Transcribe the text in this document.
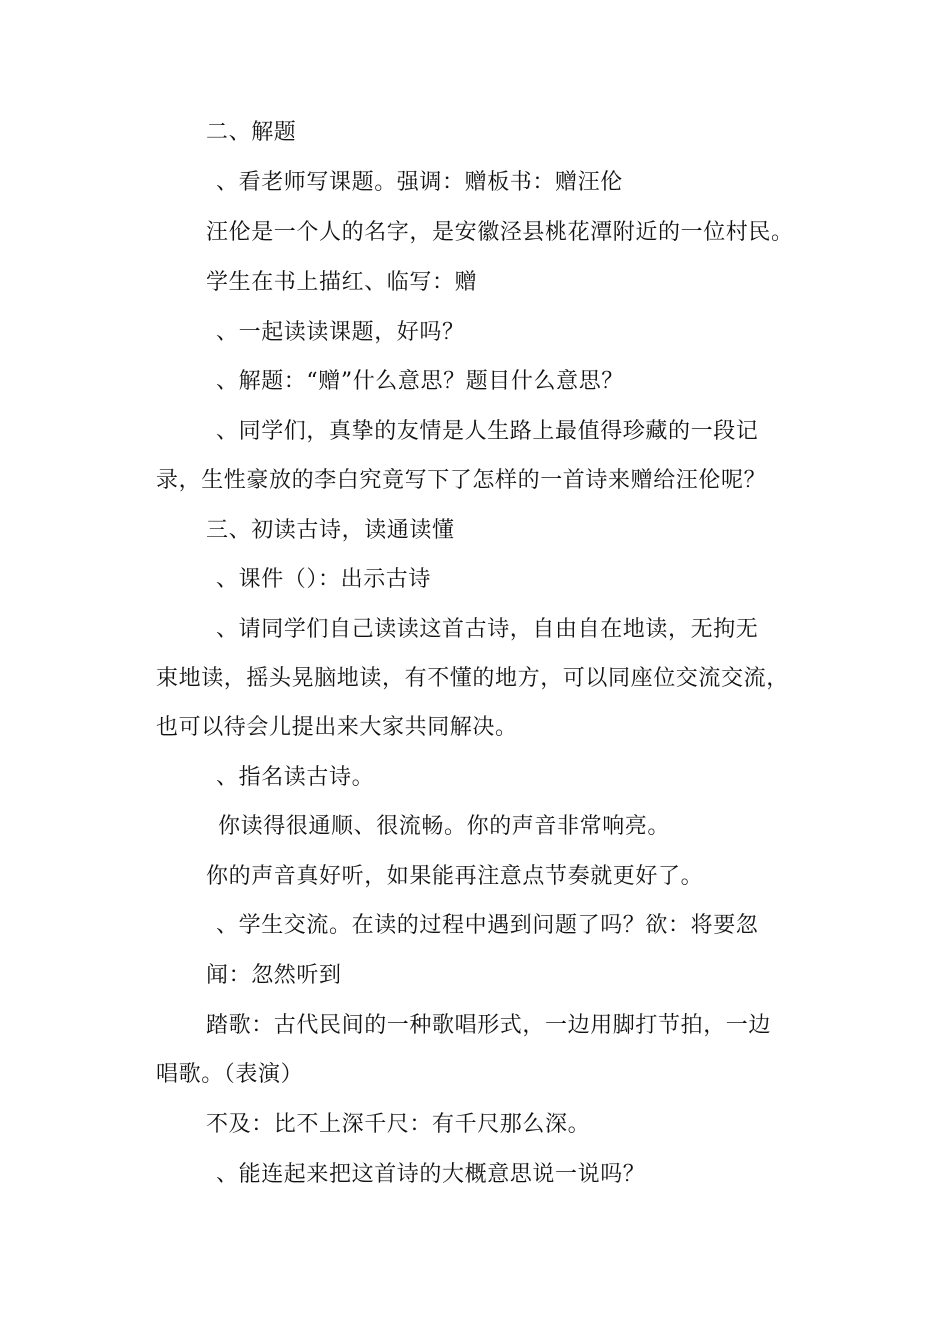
二、解题
、看老师写课题。强调：赠板书：赠汪伦
汪伦是一个人的名字，是安徽泾县桃花潭附近的一位村民。
学生在书上描红、临写：赠
、一起读读课题，好吗？
、解题：“赠”什么意思？题目什么意思？
、同学们，真挚的友情是人生路上最值得珍藏的一段记
录，生性豪放的李白究竟写下了怎样的一首诗来赠给汪伦呢？
三、初读古诗，读通读懂
、课件（）：出示古诗
、请同学们自己读读这首古诗，自由自在地读，无拘无
束地读，摇头晃脑地读，有不懂的地方，可以同座位交流交流，
也可以待会儿提出来大家共同解决。
、指名读古诗。
你读得很通顺、很流畅。你的声音非常响亮。
你的声音真好听，如果能再注意点节奏就更好了。
、学生交流。在读的过程中遇到问题了吗？欲：将要忽
闻：忽然听到
踏歌：古代民间的一种歌唱形式，一边用脚打节拍，一边
唱歌。（表演）
不及：比不上深千尺：有千尺那么深。
、能连起来把这首诗的大概意思说一说吗？
